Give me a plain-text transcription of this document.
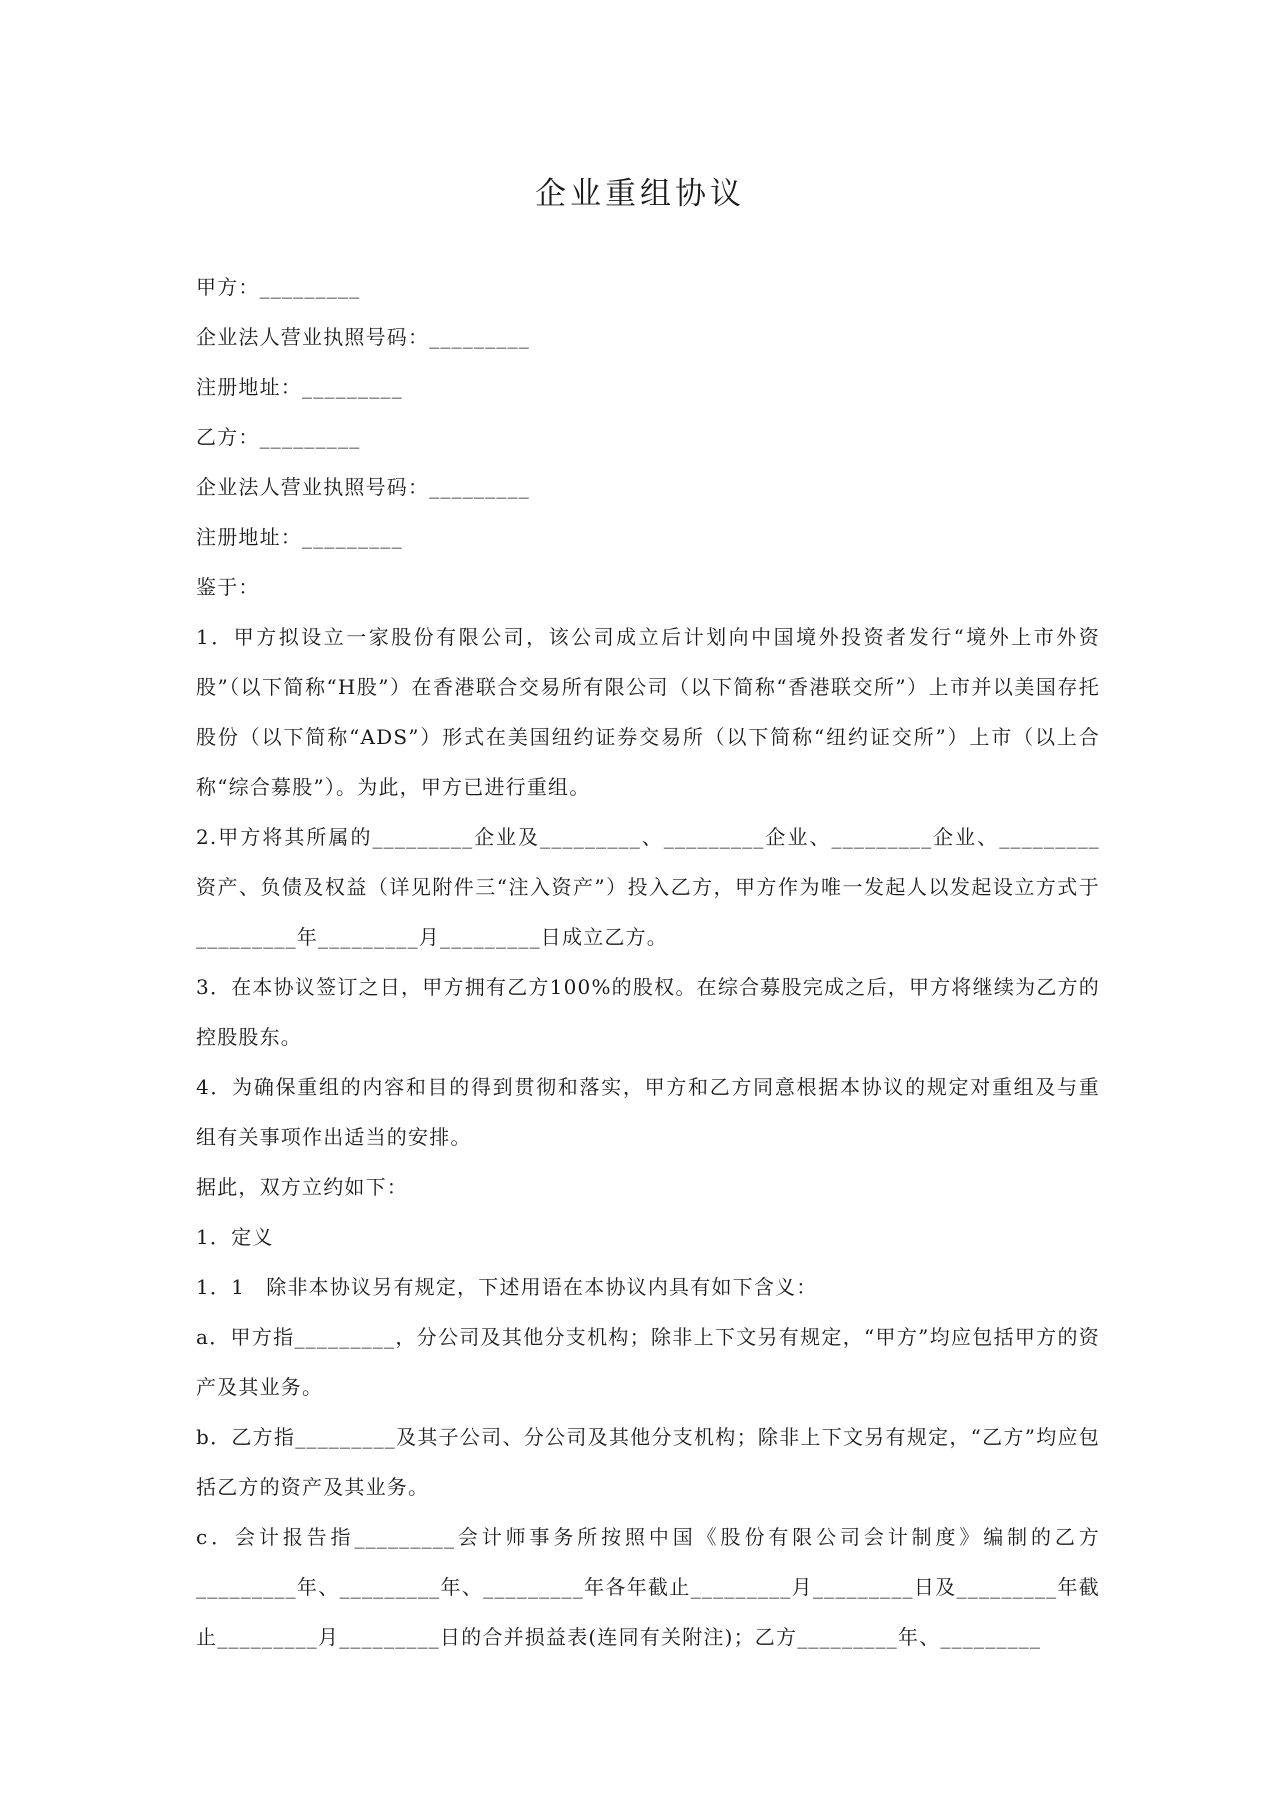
企业重组协议

甲方：_________

企业法人营业执照号码：_________

注册地址：_________

乙方：_________

企业法人营业执照号码：_________

注册地址：_________

鉴于：

1．甲方拟设立一家股份有限公司，该公司成立后计划向中国境外投资者发行“境外上市外资股”（以下简称“H股”）在香港联合交易所有限公司（以下简称“香港联交所”）上市并以美国存托股份（以下简称“ADS”）形式在美国纽约证券交易所（以下简称“纽约证交所”）上市（以上合称“综合募股”）。为此，甲方已进行重组。

2.甲方将其所属的_________企业及_________、_________企业、_________企业、_________资产、负债及权益（详见附件三“注入资产”）投入乙方，甲方作为唯一发起人以发起设立方式于_________年_________月_________日成立乙方。

3．在本协议签订之日，甲方拥有乙方100%的股权。在综合募股完成之后，甲方将继续为乙方的控股股东。

4．为确保重组的内容和目的得到贯彻和落实，甲方和乙方同意根据本协议的规定对重组及与重组有关事项作出适当的安排。

据此，双方立约如下：

1．定义

1．1　除非本协议另有规定，下述用语在本协议内具有如下含义：

a．甲方指_________，分公司及其他分支机构；除非上下文另有规定，“甲方”均应包括甲方的资产及其业务。

b．乙方指_________及其子公司、分公司及其他分支机构；除非上下文另有规定，“乙方”均应包括乙方的资产及其业务。

c．会计报告指_________会计师事务所按照中国《股份有限公司会计制度》编制的乙方_________年、_________年、_________年各年截止_________月_________日及_________年截止_________月_________日的合并损益表(连同有关附注)；乙方_________年、_________
